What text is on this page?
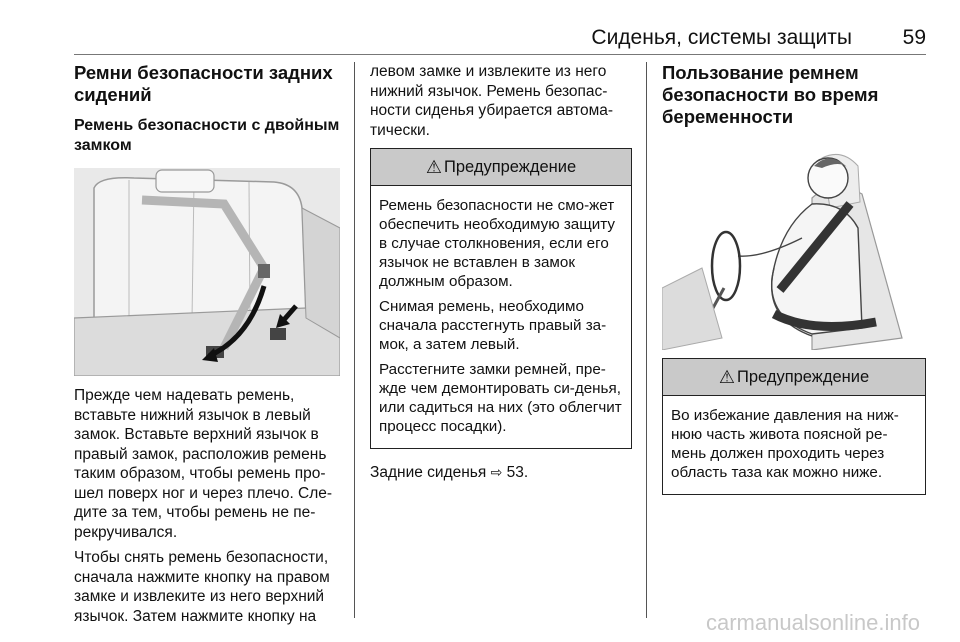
Сиденья, системы защиты 59
Ремни безопасности задних сидений
Ремень безопасности с двойным замком

Прежде чем надевать ремень, вставьте нижний язычок в левый замок. Вставьте верхний язычок в правый замок, расположив ремень таким образом, чтобы ремень про-шел поверх ног и через плечо. Сле-дите за тем, чтобы ремень не пе-рекручивался.

Чтобы снять ремень безопасности, сначала нажмите кнопку на правом замке и извлеките из него верхний язычок. Затем нажмите кнопку на

левом замке и извлеките из него нижний язычок. Ремень безопас-ности сиденья убирается автома-тически.

⚠ Предупреждение

Ремень безопасности не смо-жет обеспечить необходимую защиту в случае столкновения, если его язычок не вставлен в замок должным образом.

Снимая ремень, необходимо сначала расстегнуть правый за-мок, а затем левый.

Расстегните замки ремней, пре-жде чем демонтировать си-денья, или садиться на них (это облегчит процесс посадки).

Задние сиденья ⇨ 53.

Пользование ремнем безопасности во время беременности
⚠ Предупреждение

Во избежание давления на ниж-нюю часть живота поясной ре-мень должен проходить через область таза как можно ниже.

carmanualsonline.info
